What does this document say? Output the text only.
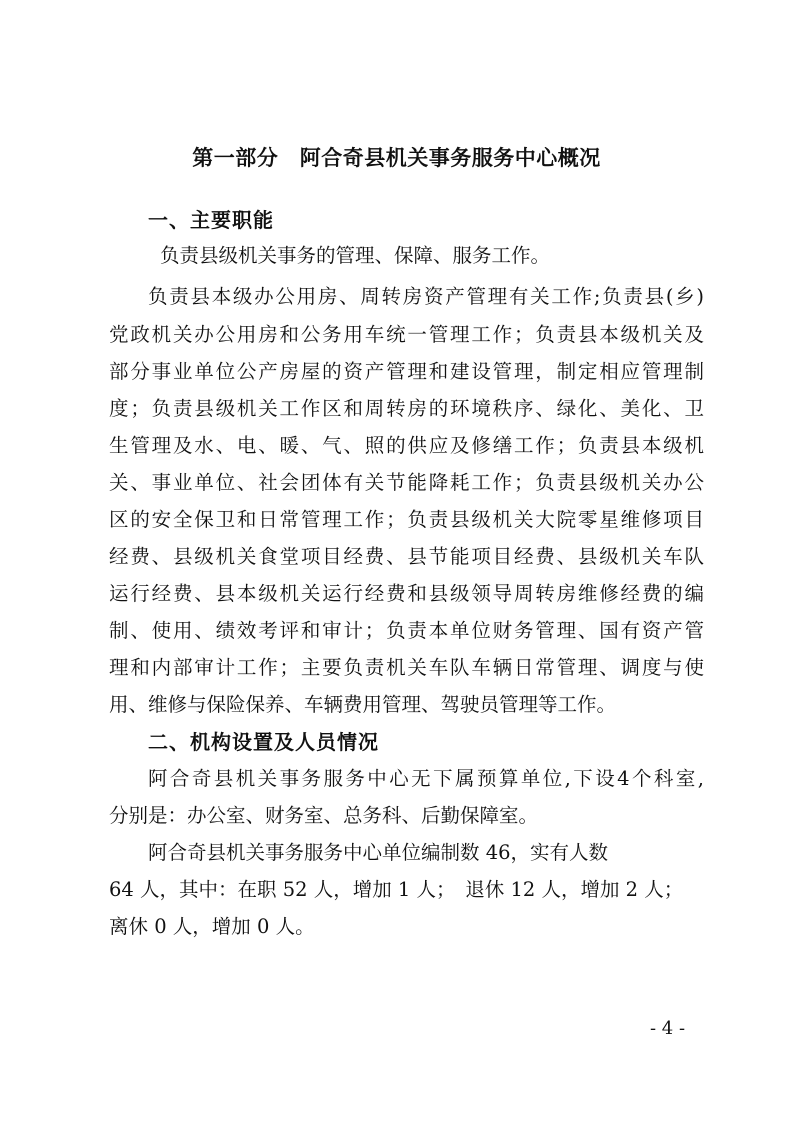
第一部分　阿合奇县机关事务服务中心概况
一、主要职能
负责县级机关事务的管理、保障、服务工作。
负责县本级办公用房、周转房资产管理有关工作;负责县(乡)
党政机关办公用房和公务用车统一管理工作；负责县本级机关及
部分事业单位公产房屋的资产管理和建设管理，制定相应管理制
度；负责县级机关工作区和周转房的环境秩序、绿化、美化、卫
生管理及水、电、暖、气、照的供应及修缮工作；负责县本级机
关、事业单位、社会团体有关节能降耗工作；负责县级机关办公
区的安全保卫和日常管理工作；负责县级机关大院零星维修项目
经费、县级机关食堂项目经费、县节能项目经费、县级机关车队
运行经费、县本级机关运行经费和县级领导周转房维修经费的编
制、使用、绩效考评和审计；负责本单位财务管理、国有资产管
理和内部审计工作；主要负责机关车队车辆日常管理、调度与使
用、维修与保险保养、车辆费用管理、驾驶员管理等工作。
二、机构设置及人员情况
阿合奇县机关事务服务中心无下属预算单位,下设4个科室,
分别是：办公室、财务室、总务科、后勤保障室。
阿合奇县机关事务服务中心单位编制数 46，实有人数
64 人，其中：在职 52 人，增加 1 人；　退休 12 人，增加 2 人；
离休 0 人，增加 0 人。
- 4 -
